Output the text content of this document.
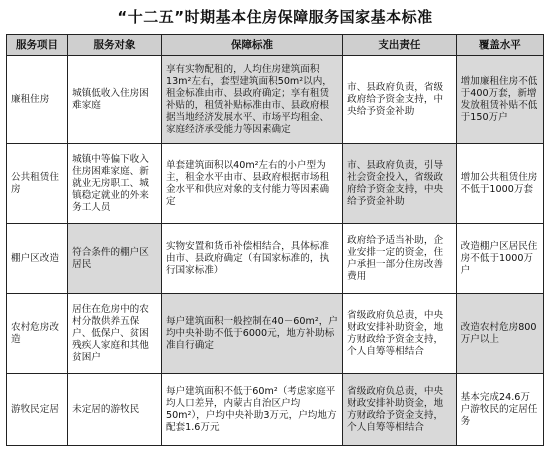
“十二五”时期基本住房保障服务国家基本标准
服务项目	服务对象	保障标准	支出责任	覆盖水平
廉租住房	城镇低收入住房困难家庭	享有实物配租的，人均住房建筑面积13m²左右，套型建筑面积50m²以内，租金标准由市、县政府确定；享有租赁补贴的，租赁补贴标准由市、县政府根据当地经济发展水平、市场平均租金、家庭经济承受能力等因素确定	市、县政府负责，省级政府给予资金支持，中央给予资金补助	增加廉租住房不低于400万套，新增发放租赁补贴不低于150万户
公共租赁住房	城镇中等偏下收入住房困难家庭、新就业无房职工、城镇稳定就业的外来务工人员	单套建筑面积以40m²左右的小户型为主，租金水平由市、县政府根据市场租金水平和供应对象的支付能力等因素确定	市、县政府负责，引导社会资金投入，省级政府给予资金支持，中央给予资金补助	增加公共租赁住房不低于1000万套
棚户区改造	符合条件的棚户区居民	实物安置和货币补偿相结合，具体标准由市、县政府确定（有国家标准的，执行国家标准）	政府给予适当补助，企业安排一定的资金，住户承担一部分住房改善费用	改造棚户区居民住房不低于1000万户
农村危房改造	居住在危房中的农村分散供养五保户、低保户、贫困残疾人家庭和其他贫困户	每户建筑面积一般控制在40－60m²，户均中央补助不低于6000元，地方补助标准自行确定	省级政府负总责，中央财政安排补助资金，地方财政给予资金支持，个人自筹等相结合	改造农村危房800万户以上
游牧民定居	未定居的游牧民	每户建筑面积不低于60m²（考虑家庭平均人口差异，内蒙古自治区户均50m²），户均中央补助3万元，户均地方配套1.6万元	省级政府负总责，中央财政安排补助资金，地方财政给予资金支持，个人自筹等相结合	基本完成24.6万户游牧民的定居任务
